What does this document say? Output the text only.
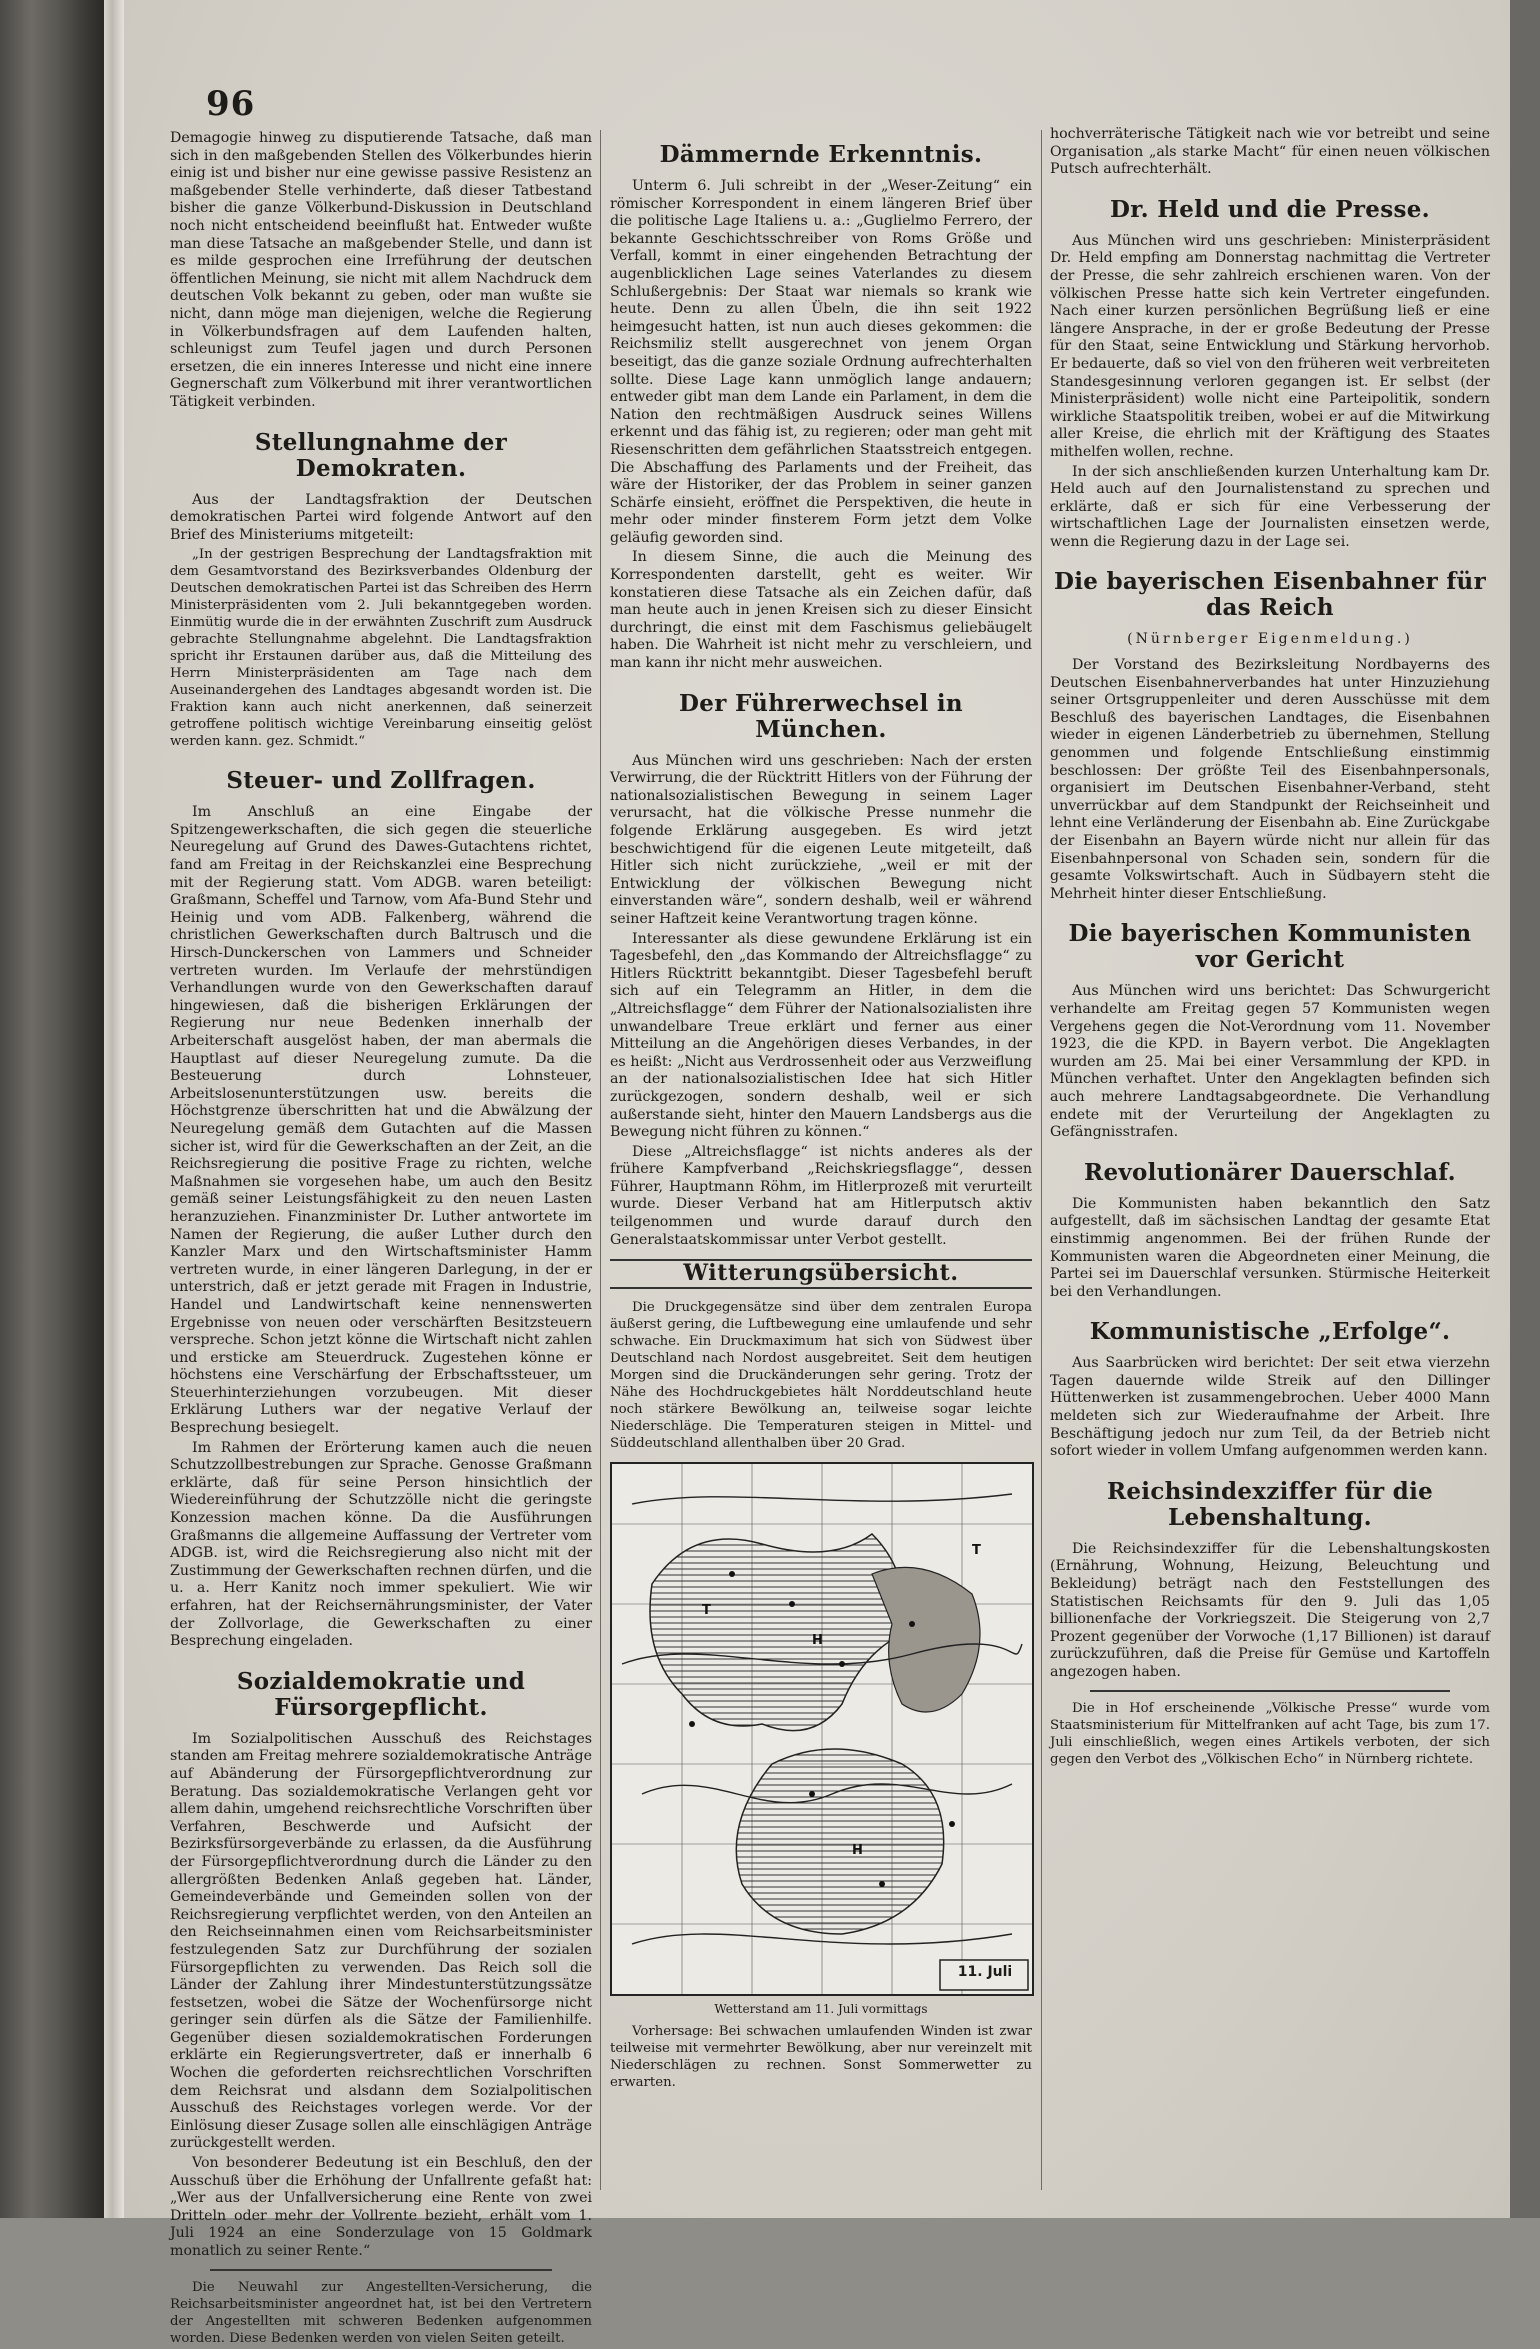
96

Demagogie hinweg zu disputierende Tatsache, daß man sich in den maßgebenden Stellen des Völkerbundes hierin einig ist und bisher nur eine gewisse passive Resistenz an maßgebender Stelle verhinderte, daß dieser Tatbestand bisher die ganze Völkerbund-Diskussion in Deutschland noch nicht entscheidend beeinflußt hat. Entweder wußte man diese Tatsache an maßgebender Stelle, und dann ist es milde gesprochen eine Irreführung der deutschen öffentlichen Meinung, sie nicht mit allem Nachdruck dem deutschen Volk bekannt zu geben, oder man wußte sie nicht, dann möge man diejenigen, welche die Regierung in Völkerbundsfragen auf dem Laufenden halten, schleunigst zum Teufel jagen und durch Personen ersetzen, die ein inneres Interesse und nicht eine innere Gegnerschaft zum Völkerbund mit ihrer verantwortlichen Tätigkeit verbinden.

Stellungnahme der Demokraten.

Aus der Landtagsfraktion der Deutschen demokratischen Partei wird folgende Antwort auf den Brief des Ministeriums mitgeteilt:

„In der gestrigen Besprechung der Landtagsfraktion mit dem Gesamtvorstand des Bezirksverbandes Oldenburg der Deutschen demokratischen Partei ist das Schreiben des Herrn Ministerpräsidenten vom 2. Juli bekanntgegeben worden. Einmütig wurde die in der erwähnten Zuschrift zum Ausdruck gebrachte Stellungnahme abgelehnt. Die Landtagsfraktion spricht ihr Erstaunen darüber aus, daß die Mitteilung des Herrn Ministerpräsidenten am Tage nach dem Auseinandergehen des Landtages abgesandt worden ist. Die Fraktion kann auch nicht anerkennen, daß seinerzeit getroffene politisch wichtige Vereinbarung einseitig gelöst werden kann. gez. Schmidt.“

Steuer- und Zollfragen.

Im Anschluß an eine Eingabe der Spitzengewerkschaften, die sich gegen die steuerliche Neuregelung auf Grund des Dawes-Gutachtens richtet, fand am Freitag in der Reichskanzlei eine Besprechung mit der Regierung statt. Vom ADGB. waren beteiligt: Graßmann, Scheffel und Tarnow, vom Afa-Bund Stehr und Heinig und vom ADB. Falkenberg, während die christlichen Gewerkschaften durch Baltrusch und die Hirsch-Dunckerschen von Lammers und Schneider vertreten wurden. Im Verlaufe der mehrstündigen Verhandlungen wurde von den Gewerkschaften darauf hingewiesen, daß die bisherigen Erklärungen der Regierung nur neue Bedenken innerhalb der Arbeiterschaft ausgelöst haben, der man abermals die Hauptlast auf dieser Neuregelung zumute. Da die Besteuerung durch Lohnsteuer, Arbeitslosenunterstützungen usw. bereits die Höchstgrenze überschritten hat und die Abwälzung der Neuregelung gemäß dem Gutachten auf die Massen sicher ist, wird für die Gewerkschaften an der Zeit, an die Reichsregierung die positive Frage zu richten, welche Maßnahmen sie vorgesehen habe, um auch den Besitz gemäß seiner Leistungsfähigkeit zu den neuen Lasten heranzuziehen. Finanzminister Dr. Luther antwortete im Namen der Regierung, die außer Luther durch den Kanzler Marx und den Wirtschaftsminister Hamm vertreten wurde, in einer längeren Darlegung, in der er unterstrich, daß er jetzt gerade mit Fragen in Industrie, Handel und Landwirtschaft keine nennenswerten Ergebnisse von neuen oder verschärften Besitzsteuern verspreche. Schon jetzt könne die Wirtschaft nicht zahlen und ersticke am Steuerdruck. Zugestehen könne er höchstens eine Verschärfung der Erbschaftssteuer, um Steuerhinterziehungen vorzubeugen. Mit dieser Erklärung Luthers war der negative Verlauf der Besprechung besiegelt.

Im Rahmen der Erörterung kamen auch die neuen Schutzzollbestrebungen zur Sprache. Genosse Graßmann erklärte, daß für seine Person hinsichtlich der Wiedereinführung der Schutzzölle nicht die geringste Konzession machen könne. Da die Ausführungen Graßmanns die allgemeine Auffassung der Vertreter vom ADGB. ist, wird die Reichsregierung also nicht mit der Zustimmung der Gewerkschaften rechnen dürfen, und die u. a. Herr Kanitz noch immer spekuliert. Wie wir erfahren, hat der Reichsernährungsminister, der Vater der Zollvorlage, die Gewerkschaften zu einer Besprechung eingeladen.

Sozialdemokratie und Fürsorgepflicht.

Im Sozialpolitischen Ausschuß des Reichstages standen am Freitag mehrere sozialdemokratische Anträge auf Abänderung der Fürsorgepflichtverordnung zur Beratung. Das sozialdemokratische Verlangen geht vor allem dahin, umgehend reichsrechtliche Vorschriften über Verfahren, Beschwerde und Aufsicht der Bezirksfürsorgeverbände zu erlassen, da die Ausführung der Fürsorgepflichtverordnung durch die Länder zu den allergrößten Bedenken Anlaß gegeben hat. Länder, Gemeindeverbände und Gemeinden sollen von der Reichsregierung verpflichtet werden, von den Anteilen an den Reichseinnahmen einen vom Reichsarbeitsminister festzulegenden Satz zur Durchführung der sozialen Fürsorgepflichten zu verwenden. Das Reich soll die Länder der Zahlung ihrer Mindestunterstützungssätze festsetzen, wobei die Sätze der Wochenfürsorge nicht geringer sein dürfen als die Sätze der Familienhilfe. Gegenüber diesen sozialdemokratischen Forderungen erklärte ein Regierungsvertreter, daß er innerhalb 6 Wochen die geforderten reichsrechtlichen Vorschriften dem Reichsrat und alsdann dem Sozialpolitischen Ausschuß des Reichstages vorlegen werde. Vor der Einlösung dieser Zusage sollen alle einschlägigen Anträge zurückgestellt werden.

Von besonderer Bedeutung ist ein Beschluß, den der Ausschuß über die Erhöhung der Unfallrente gefaßt hat: „Wer aus der Unfallversicherung eine Rente von zwei Dritteln oder mehr der Vollrente bezieht, erhält vom 1. Juli 1924 an eine Sonderzulage von 15 Goldmark monatlich zu seiner Rente.“

Die Neuwahl zur Angestellten-Versicherung, die Reichsarbeitsminister angeordnet hat, ist bei den Vertretern der Angestellten mit schweren Bedenken aufgenommen worden. Diese Bedenken werden von vielen Seiten geteilt.

Dämmernde Erkenntnis.

Unterm 6. Juli schreibt in der „Weser-Zeitung“ ein römischer Korrespondent in einem längeren Brief über die politische Lage Italiens u. a.: „Guglielmo Ferrero, der bekannte Geschichtsschreiber von Roms Größe und Verfall, kommt in einer eingehenden Betrachtung der augenblicklichen Lage seines Vaterlandes zu diesem Schlußergebnis: Der Staat war niemals so krank wie heute. Denn zu allen Übeln, die ihn seit 1922 heimgesucht hatten, ist nun auch dieses gekommen: die Reichsmiliz stellt ausgerechnet von jenem Organ beseitigt, das die ganze soziale Ordnung aufrechterhalten sollte. Diese Lage kann unmöglich lange andauern; entweder gibt man dem Lande ein Parlament, in dem die Nation den rechtmäßigen Ausdruck seines Willens erkennt und das fähig ist, zu regieren; oder man geht mit Riesenschritten dem gefährlichen Staatsstreich entgegen. Die Abschaffung des Parlaments und der Freiheit, das wäre der Historiker, der das Problem in seiner ganzen Schärfe einsieht, eröffnet die Perspektiven, die heute in mehr oder minder finsterem Form jetzt dem Volke geläufig geworden sind.

In diesem Sinne, die auch die Meinung des Korrespondenten darstellt, geht es weiter. Wir konstatieren diese Tatsache als ein Zeichen dafür, daß man heute auch in jenen Kreisen sich zu dieser Einsicht durchringt, die einst mit dem Faschismus geliebäugelt haben. Die Wahrheit ist nicht mehr zu verschleiern, und man kann ihr nicht mehr ausweichen.

Der Führerwechsel in München.

Aus München wird uns geschrieben: Nach der ersten Verwirrung, die der Rücktritt Hitlers von der Führung der nationalsozialistischen Bewegung in seinem Lager verursacht, hat die völkische Presse nunmehr die folgende Erklärung ausgegeben. Es wird jetzt beschwichtigend für die eigenen Leute mitgeteilt, daß Hitler sich nicht zurückziehe, „weil er mit der Entwicklung der völkischen Bewegung nicht einverstanden wäre“, sondern deshalb, weil er während seiner Haftzeit keine Verantwortung tragen könne.

Interessanter als diese gewundene Erklärung ist ein Tagesbefehl, den „das Kommando der Altreichsflagge“ zu Hitlers Rücktritt bekanntgibt. Dieser Tagesbefehl beruft sich auf ein Telegramm an Hitler, in dem die „Altreichsflagge“ dem Führer der Nationalsozialisten ihre unwandelbare Treue erklärt und ferner aus einer Mitteilung an die Angehörigen dieses Verbandes, in der es heißt: „Nicht aus Verdrossenheit oder aus Verzweiflung an der nationalsozialistischen Idee hat sich Hitler zurückgezogen, sondern deshalb, weil er sich außerstande sieht, hinter den Mauern Landsbergs aus die Bewegung nicht führen zu können.“

Diese „Altreichsflagge“ ist nichts anderes als der frühere Kampfverband „Reichskriegsflagge“, dessen Führer, Hauptmann Röhm, im Hitlerprozeß mit verurteilt wurde. Dieser Verband hat am Hitlerputsch aktiv teilgenommen und wurde darauf durch den Generalstaatskommissar unter Verbot gestellt.

Witterungsübersicht.

Die Druckgegensätze sind über dem zentralen Europa äußerst gering, die Luftbewegung eine umlaufende und sehr schwache. Ein Druckmaximum hat sich von Südwest über Deutschland nach Nordost ausgebreitet. Seit dem heutigen Morgen sind die Druckänderungen sehr gering. Trotz der Nähe des Hochdruckgebietes hält Norddeutschland heute noch stärkere Bewölkung an, teilweise sogar leichte Niederschläge. Die Temperaturen steigen in Mittel- und Süddeutschland allenthalben über 20 Grad.

H
T
T
H
11. Juli
Wetterstand am 11. Juli vormittags

Vorhersage: Bei schwachen umlaufenden Winden ist zwar teilweise mit vermehrter Bewölkung, aber nur vereinzelt mit Niederschlägen zu rechnen. Sonst Sommerwetter zu erwarten.

hochverräterische Tätigkeit nach wie vor betreibt und seine Organisation „als starke Macht“ für einen neuen völkischen Putsch aufrechterhält.

Dr. Held und die Presse.

Aus München wird uns geschrieben: Ministerpräsident Dr. Held empfing am Donnerstag nachmittag die Vertreter der Presse, die sehr zahlreich erschienen waren. Von der völkischen Presse hatte sich kein Vertreter eingefunden. Nach einer kurzen persönlichen Begrüßung ließ er eine längere Ansprache, in der er große Bedeutung der Presse für den Staat, seine Entwicklung und Stärkung hervorhob. Er bedauerte, daß so viel von den früheren weit verbreiteten Standesgesinnung verloren gegangen ist. Er selbst (der Ministerpräsident) wolle nicht eine Parteipolitik, sondern wirkliche Staatspolitik treiben, wobei er auf die Mitwirkung aller Kreise, die ehrlich mit der Kräftigung des Staates mithelfen wollen, rechne.

In der sich anschließenden kurzen Unterhaltung kam Dr. Held auch auf den Journalistenstand zu sprechen und erklärte, daß er sich für eine Verbesserung der wirtschaftlichen Lage der Journalisten einsetzen werde, wenn die Regierung dazu in der Lage sei.

Die bayerischen Eisenbahner für das Reich
(Nürnberger Eigenmeldung.)

Der Vorstand des Bezirksleitung Nordbayerns des Deutschen Eisenbahnerverbandes hat unter Hinzuziehung seiner Ortsgruppenleiter und deren Ausschüsse mit dem Beschluß des bayerischen Landtages, die Eisenbahnen wieder in eigenen Länderbetrieb zu übernehmen, Stellung genommen und folgende Entschließung einstimmig beschlossen: Der größte Teil des Eisenbahnpersonals, organisiert im Deutschen Eisenbahner-Verband, steht unverrückbar auf dem Standpunkt der Reichseinheit und lehnt eine Verländerung der Eisenbahn ab. Eine Zurückgabe der Eisenbahn an Bayern würde nicht nur allein für das Eisenbahnpersonal von Schaden sein, sondern für die gesamte Volkswirtschaft. Auch in Südbayern steht die Mehrheit hinter dieser Entschließung.

Die bayerischen Kommunisten vor Gericht

Aus München wird uns berichtet: Das Schwurgericht verhandelte am Freitag gegen 57 Kommunisten wegen Vergehens gegen die Not-Verordnung vom 11. November 1923, die die KPD. in Bayern verbot. Die Angeklagten wurden am 25. Mai bei einer Versammlung der KPD. in München verhaftet. Unter den Angeklagten befinden sich auch mehrere Landtagsabgeordnete. Die Verhandlung endete mit der Verurteilung der Angeklagten zu Gefängnisstrafen.

Revolutionärer Dauerschlaf.

Die Kommunisten haben bekanntlich den Satz aufgestellt, daß im sächsischen Landtag der gesamte Etat einstimmig angenommen. Bei der frühen Runde der Kommunisten waren die Abgeordneten einer Meinung, die Partei sei im Dauerschlaf versunken. Stürmische Heiterkeit bei den Verhandlungen.

Kommunistische „Erfolge“.

Aus Saarbrücken wird berichtet: Der seit etwa vierzehn Tagen dauernde wilde Streik auf den Dillinger Hüttenwerken ist zusammengebrochen. Ueber 4000 Mann meldeten sich zur Wiederaufnahme der Arbeit. Ihre Beschäftigung jedoch nur zum Teil, da der Betrieb nicht sofort wieder in vollem Umfang aufgenommen werden kann.

Reichsindexziffer für die Lebenshaltung.

Die Reichsindexziffer für die Lebenshaltungskosten (Ernährung, Wohnung, Heizung, Beleuchtung und Bekleidung) beträgt nach den Feststellungen des Statistischen Reichsamts für den 9. Juli das 1,05 billionenfache der Vorkriegszeit. Die Steigerung von 2,7 Prozent gegenüber der Vorwoche (1,17 Billionen) ist darauf zurückzuführen, daß die Preise für Gemüse und Kartoffeln angezogen haben.

Die in Hof erscheinende „Völkische Presse“ wurde vom Staatsministerium für Mittelfranken auf acht Tage, bis zum 17. Juli einschließlich, wegen eines Artikels verboten, der sich gegen den Verbot des „Völkischen Echo“ in Nürnberg richtete.
